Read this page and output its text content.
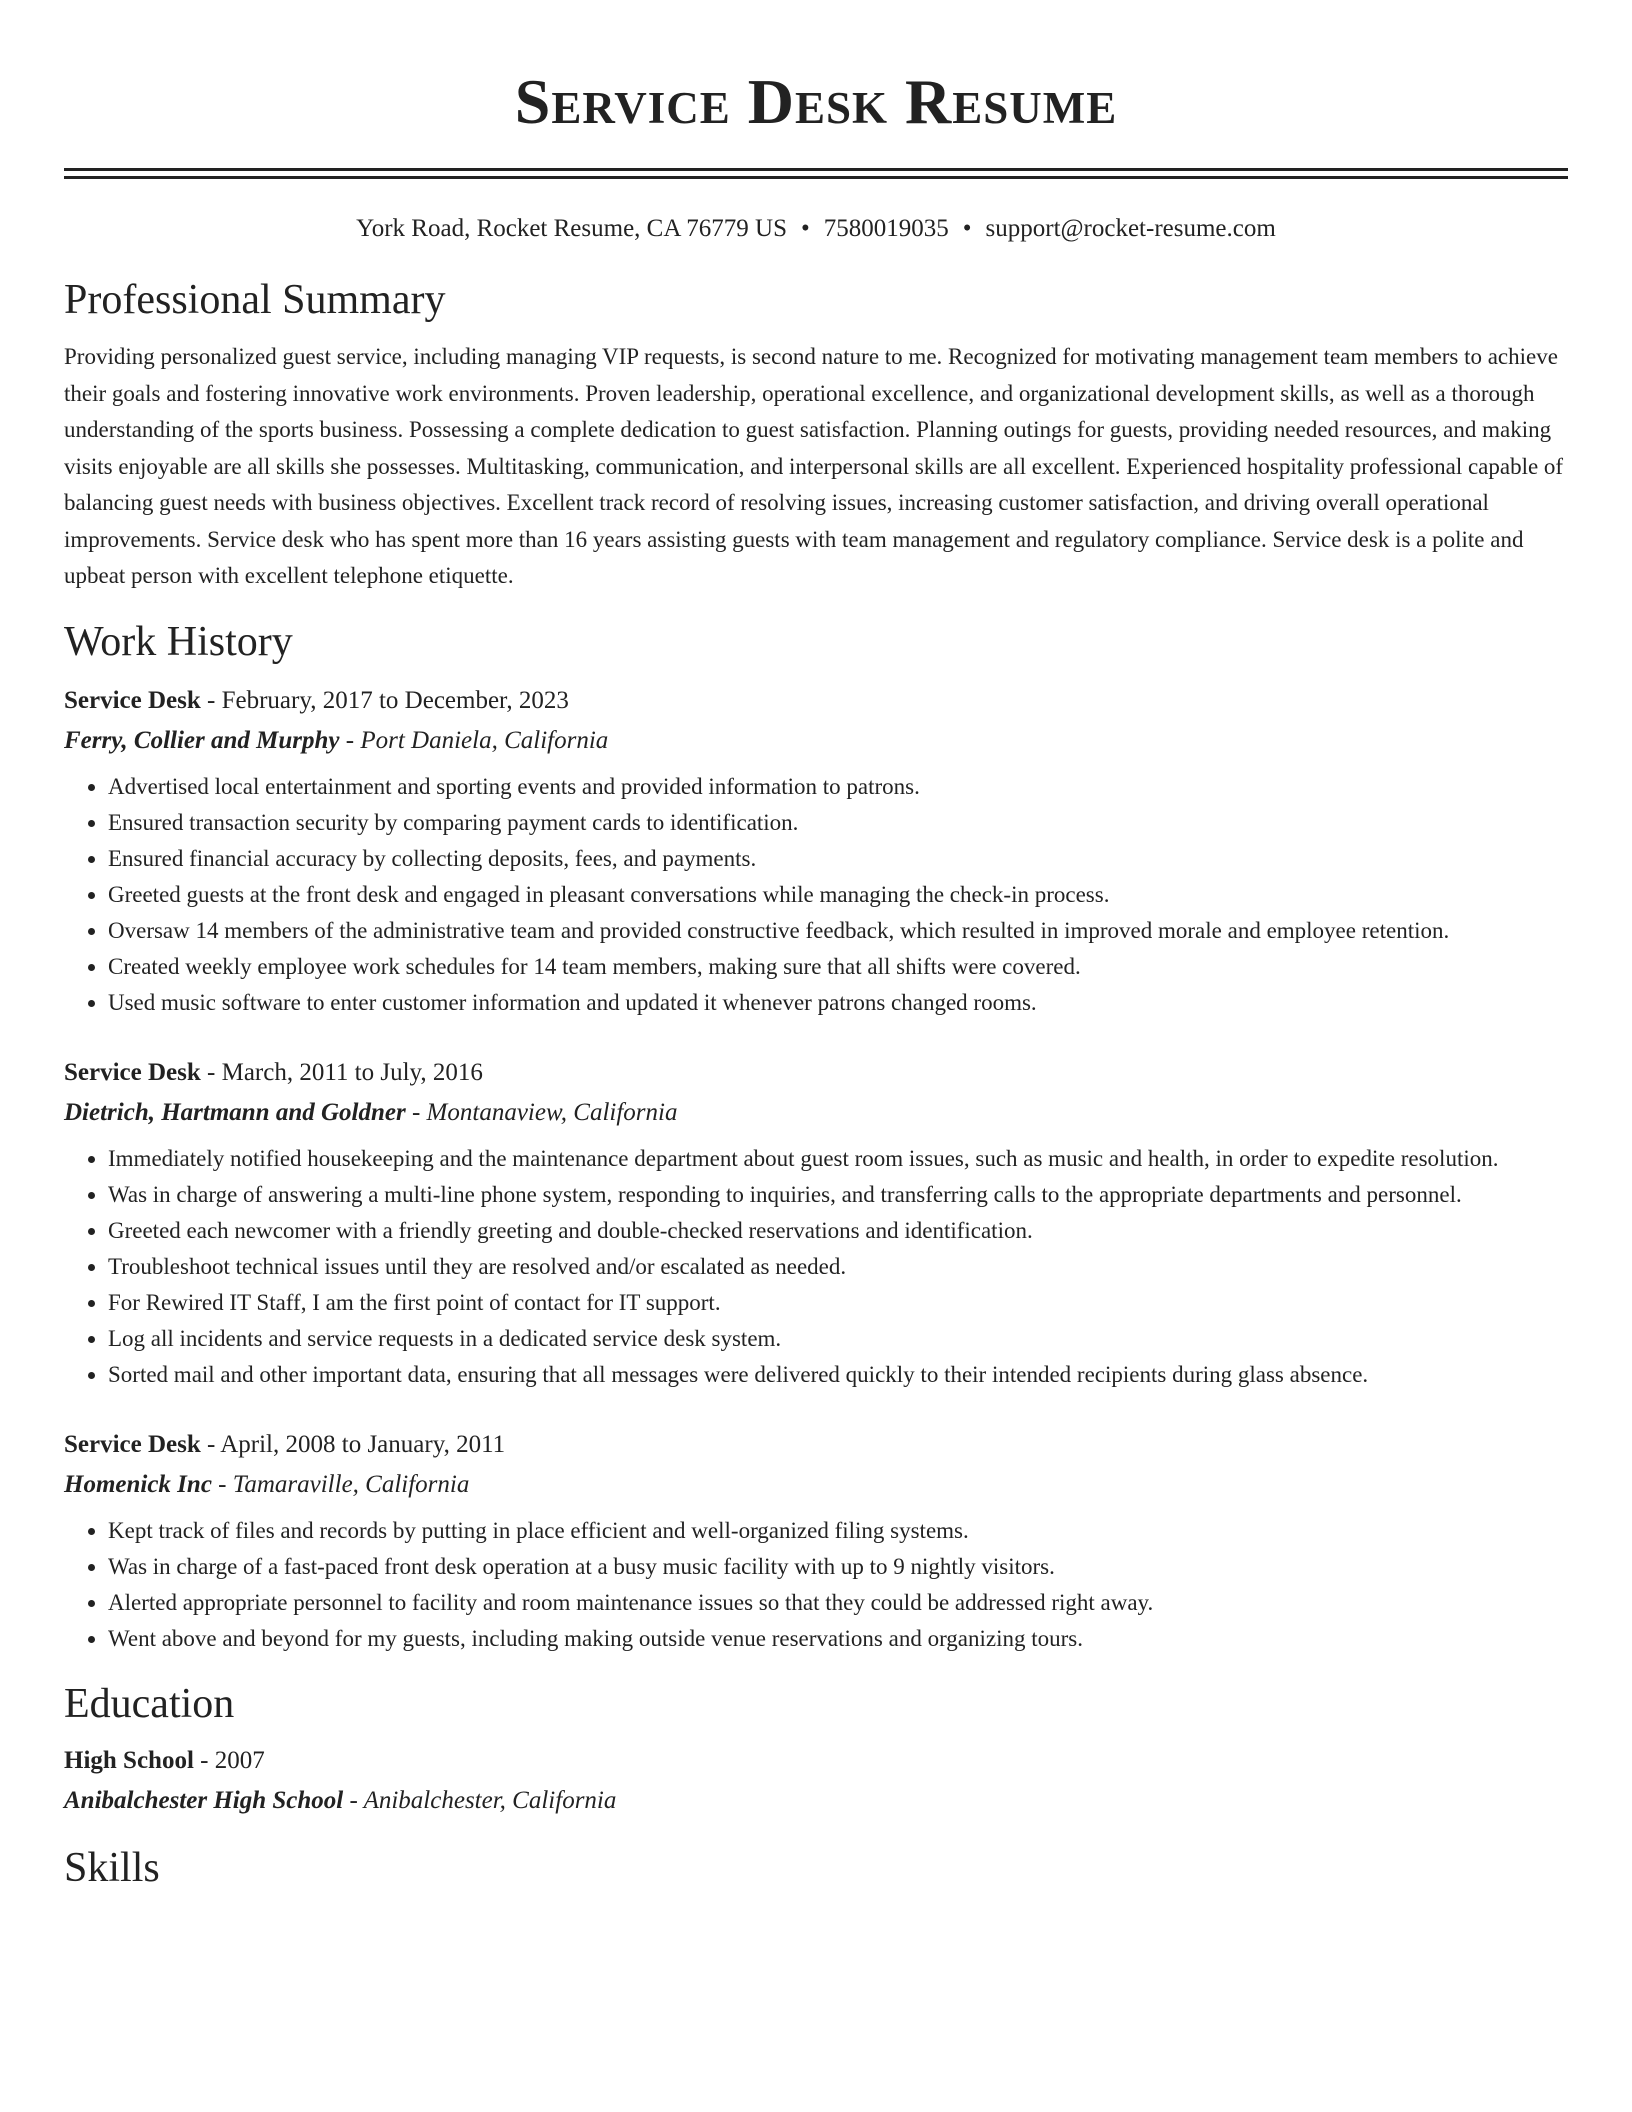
Service Desk Resume
York Road, Rocket Resume, CA 76779 US • 7580019035 • support@rocket-resume.com
Professional Summary

Providing personalized guest service, including managing VIP requests, is second nature to me. Recognized for motivating management team members to achieve their goals and fostering innovative work environments. Proven leadership, operational excellence, and organizational development skills, as well as a thorough understanding of the sports business. Possessing a complete dedication to guest satisfaction. Planning outings for guests, providing needed resources, and making visits enjoyable are all skills she possesses. Multitasking, communication, and interpersonal skills are all excellent. Experienced hospitality professional capable of balancing guest needs with business objectives. Excellent track record of resolving issues, increasing customer satisfaction, and driving overall operational improvements. Service desk who has spent more than 16 years assisting guests with team management and regulatory compliance. Service desk is a polite and upbeat person with excellent telephone etiquette.

Work History
Service Desk - February, 2017 to December, 2023
Ferry, Collier and Murphy - Port Daniela, California
• Advertised local entertainment and sporting events and provided information to patrons.
• Ensured transaction security by comparing payment cards to identification.
• Ensured financial accuracy by collecting deposits, fees, and payments.
• Greeted guests at the front desk and engaged in pleasant conversations while managing the check-in process.
• Oversaw 14 members of the administrative team and provided constructive feedback, which resulted in improved morale and employee retention.
• Created weekly employee work schedules for 14 team members, making sure that all shifts were covered.
• Used music software to enter customer information and updated it whenever patrons changed rooms.
Service Desk - March, 2011 to July, 2016
Dietrich, Hartmann and Goldner - Montanaview, California
• Immediately notified housekeeping and the maintenance department about guest room issues, such as music and health, in order to expedite resolution.
• Was in charge of answering a multi-line phone system, responding to inquiries, and transferring calls to the appropriate departments and personnel.
• Greeted each newcomer with a friendly greeting and double-checked reservations and identification.
• Troubleshoot technical issues until they are resolved and/or escalated as needed.
• For Rewired IT Staff, I am the first point of contact for IT support.
• Log all incidents and service requests in a dedicated service desk system.
• Sorted mail and other important data, ensuring that all messages were delivered quickly to their intended recipients during glass absence.
Service Desk - April, 2008 to January, 2011
Homenick Inc - Tamaraville, California
• Kept track of files and records by putting in place efficient and well-organized filing systems.
• Was in charge of a fast-paced front desk operation at a busy music facility with up to 9 nightly visitors.
• Alerted appropriate personnel to facility and room maintenance issues so that they could be addressed right away.
• Went above and beyond for my guests, including making outside venue reservations and organizing tours.
Education
High School - 2007
Anibalchester High School - Anibalchester, California
Skills
